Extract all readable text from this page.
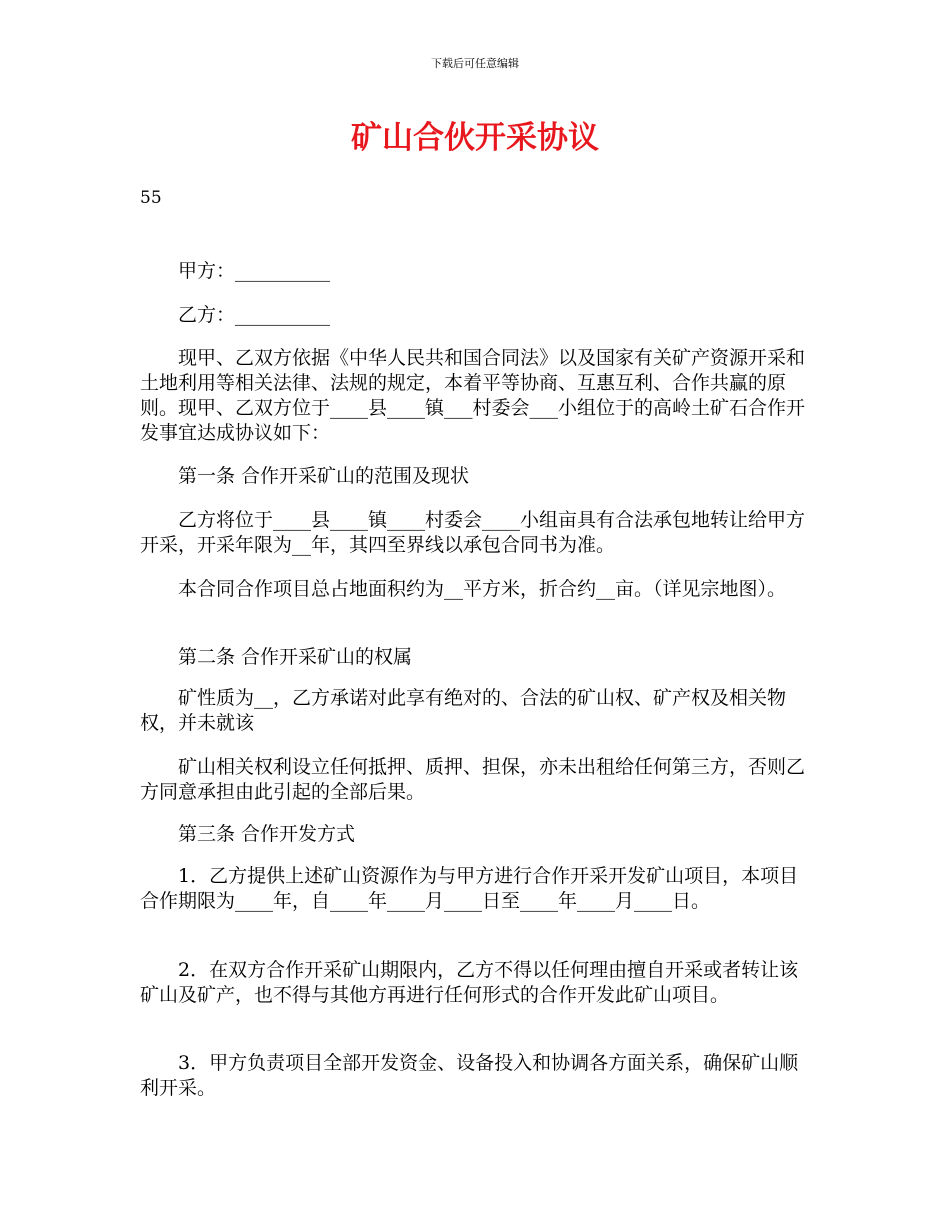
下载后可任意编辑
矿山合伙开采协议
55

甲方：__________

乙方：__________

现甲、乙双方依据《中华人民共和国合同法》以及国家有关矿产资源开采和土地利用等相关法律、法规的规定，本着平等协商、互惠互利、合作共赢的原则。现甲、乙双方位于____县____镇___村委会___小组位于的高岭土矿石合作开发事宜达成协议如下：

第一条 合作开采矿山的范围及现状

乙方将位于____县____镇____村委会____小组亩具有合法承包地转让给甲方开采，开采年限为__年，其四至界线以承包合同书为准。

本合同合作项目总占地面积约为__平方米，折合约__亩。（详见宗地图）。

第二条 合作开采矿山的权属

矿性质为__，乙方承诺对此享有绝对的、合法的矿山权、矿产权及相关物权，并未就该

矿山相关权利设立任何抵押、质押、担保，亦未出租给任何第三方，否则乙方同意承担由此引起的全部后果。

第三条 合作开发方式

1．乙方提供上述矿山资源作为与甲方进行合作开采开发矿山项目，本项目合作期限为____年，自____年____月____日至____年____月____日。

2．在双方合作开采矿山期限内，乙方不得以任何理由擅自开采或者转让该矿山及矿产，也不得与其他方再进行任何形式的合作开发此矿山项目。

3．甲方负责项目全部开发资金、设备投入和协调各方面关系，确保矿山顺利开采。
